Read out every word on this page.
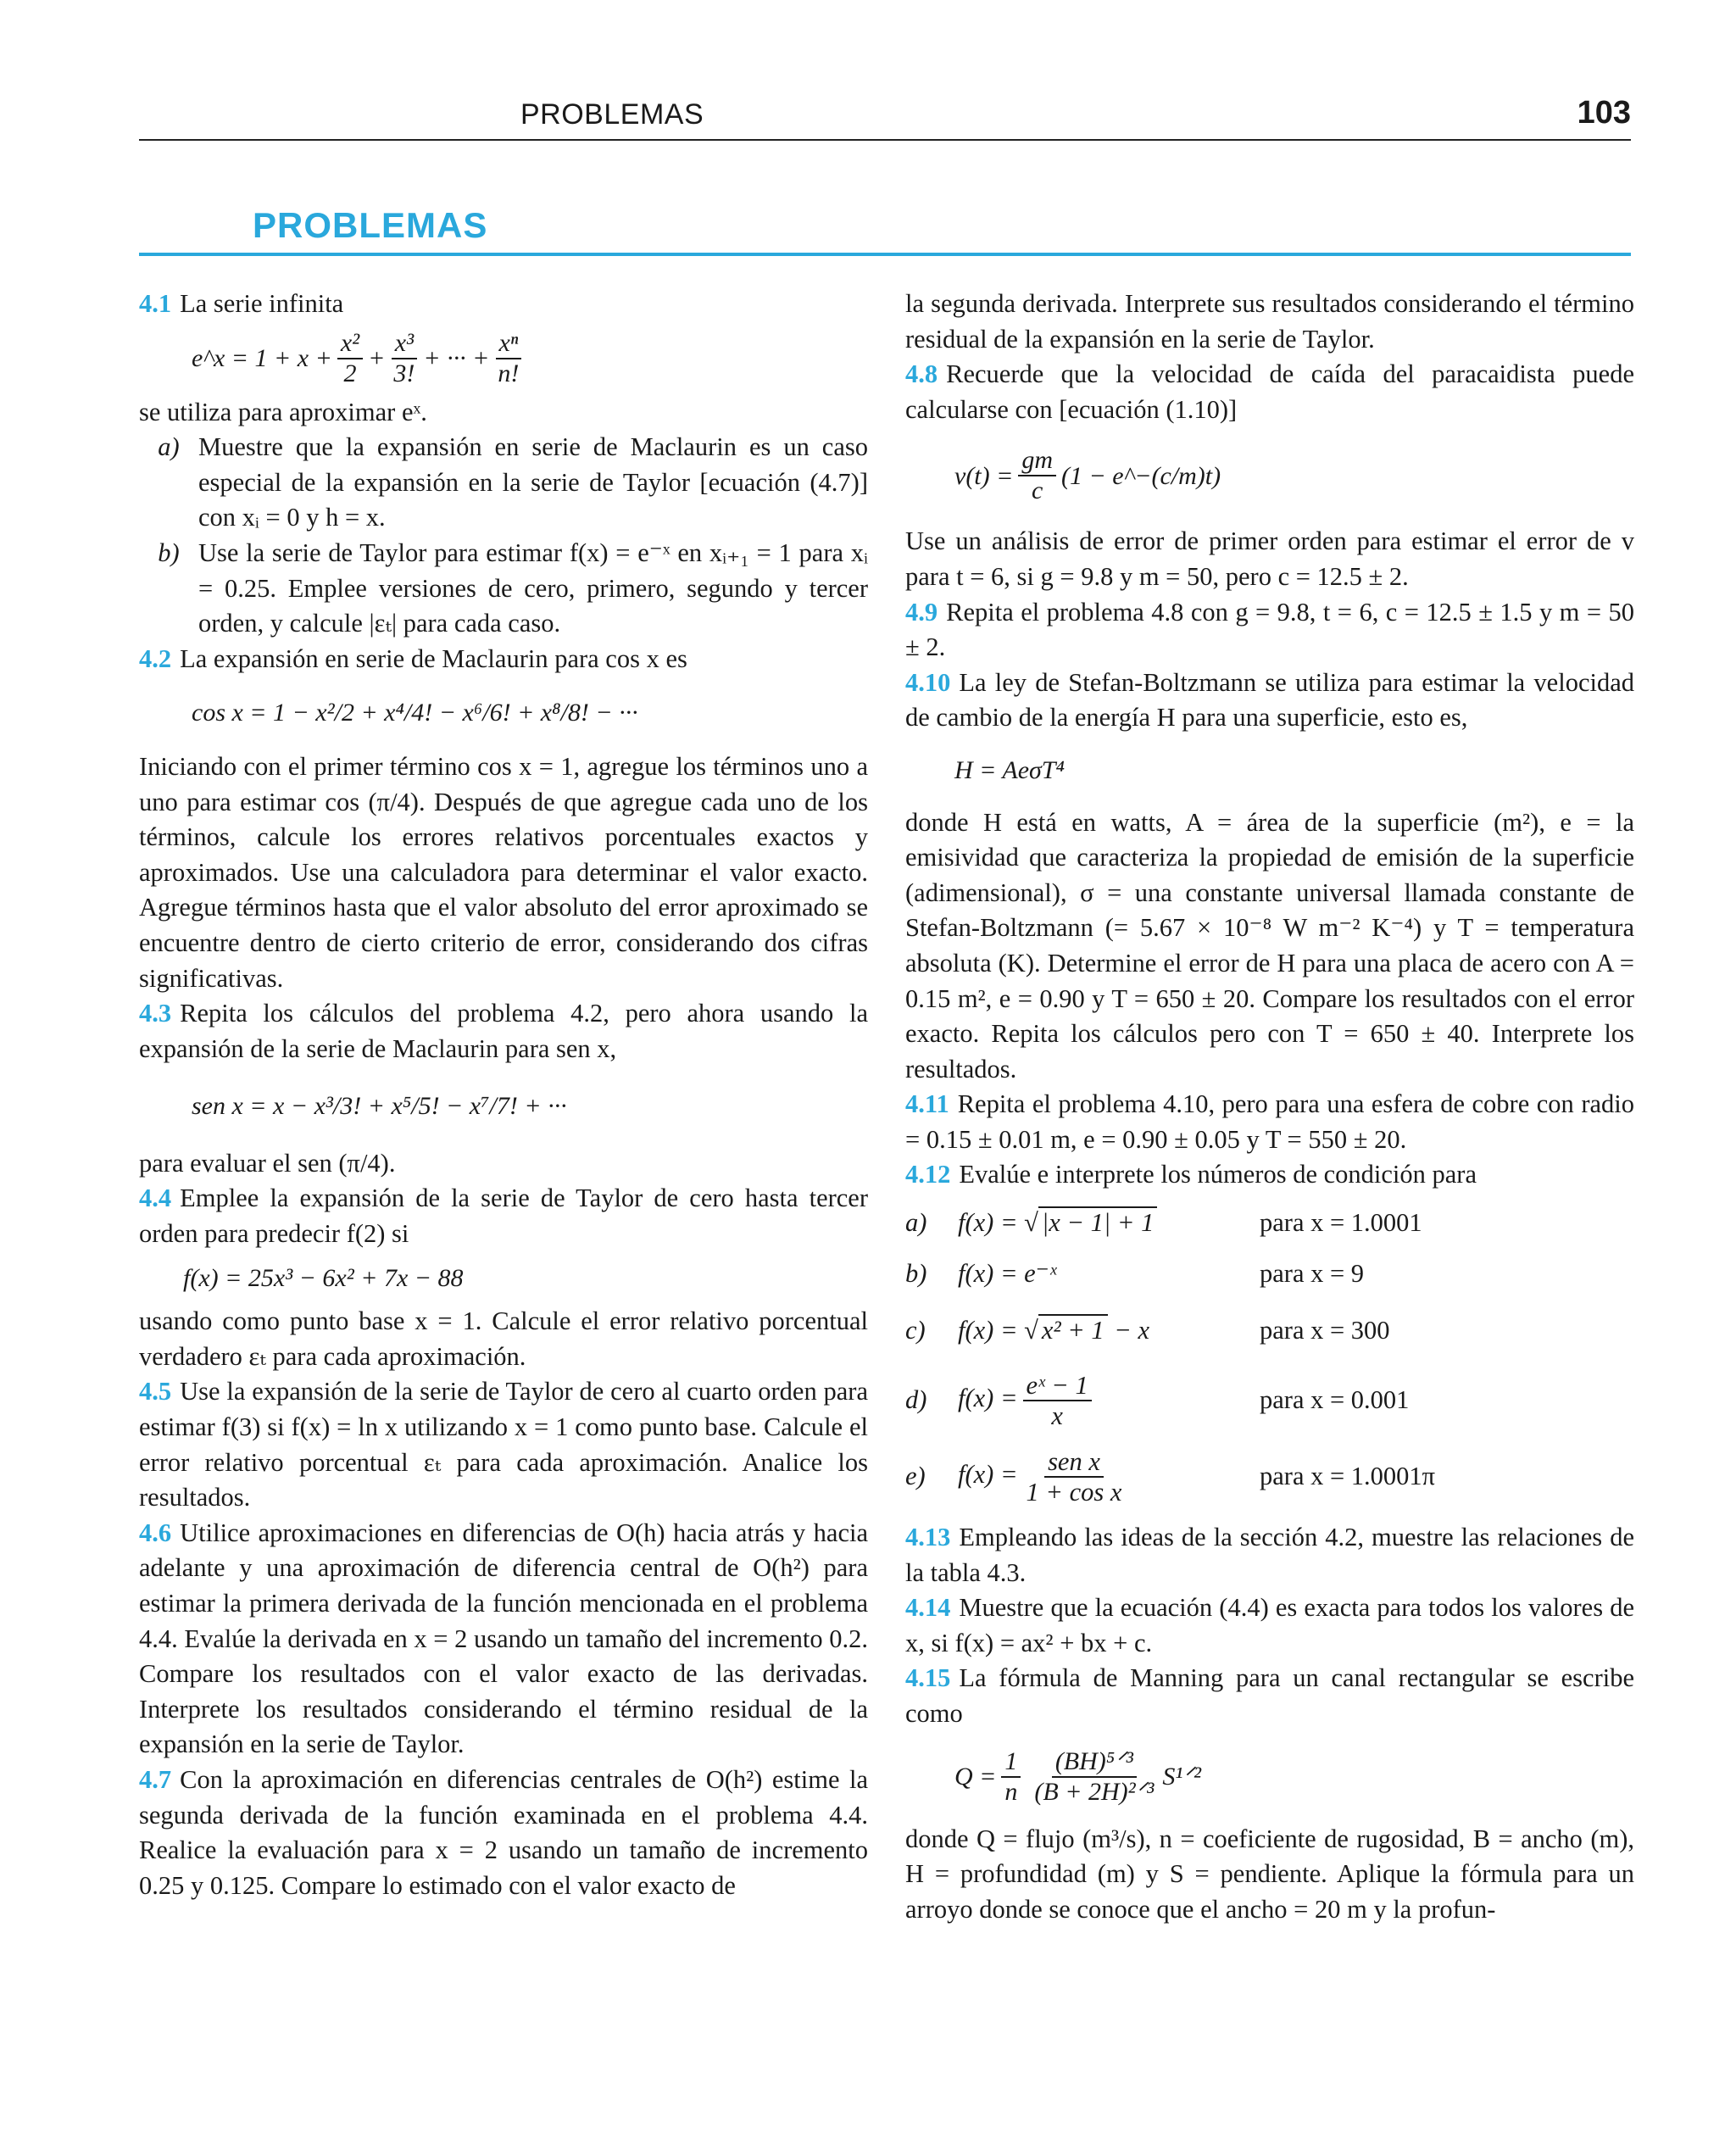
PROBLEMAS	103
PROBLEMAS

4.1 La serie infinita

e^x = $1 + x + \frac{\text{x²}}{2} + \frac{\text{x³}}{3!}$ + ··· + $\frac{\text{xⁿ}}{n!}$

se utiliza para aproximar eˣ.

a) Muestre que la expansión en serie de Maclaurin es un caso especial de la expansión en la serie de Taylor [ecuación (4.7)] con xᵢ = 0 y h = x.
b) Use la serie de Taylor para estimar f(x) = e⁻ˣ en xᵢ₊₁ = 1 para xᵢ = 0.25. Emplee versiones de cero, primero, segundo y tercer orden, y calcule |εₜ| para cada caso.

4.2 La expansión en serie de Maclaurin para cos x es

cos x = 1 − x²/2 + x⁴/4! − x⁶/6! + x⁸/8! − ···

Iniciando con el primer término cos x = 1, agregue los términos uno a uno para estimar cos (π/4). Después de que agregue cada uno de los términos, calcule los errores relativos porcentuales exactos y aproximados. Use una calculadora para determinar el valor exacto. Agregue términos hasta que el valor absoluto del error aproximado se encuentre dentro de cierto criterio de error, considerando dos cifras significativas.

4.3 Repita los cálculos del problema 4.2, pero ahora usando la expansión de la serie de Maclaurin para sen x,

sen x = x − x³/3! + x⁵/5! − x⁷/7! + ···

para evaluar el sen (π/4).

4.4 Emplee la expansión de la serie de Taylor de cero hasta tercer orden para predecir f(2) si

f(x) = 25x³ − 6x² + 7x − 88

usando como punto base x = 1. Calcule el error relativo porcentual verdadero εₜ para cada aproximación.

4.5 Use la expansión de la serie de Taylor de cero al cuarto orden para estimar f(3) si f(x) = ln x utilizando x = 1 como punto base. Calcule el error relativo porcentual εₜ para cada aproximación. Analice los resultados.

4.6 Utilice aproximaciones en diferencias de O(h) hacia atrás y hacia adelante y una aproximación de diferencia central de O(h²) para estimar la primera derivada de la función mencionada en el problema 4.4. Evalúe la derivada en x = 2 usando un tamaño del incremento 0.2. Compare los resultados con el valor exacto de las derivadas. Interprete los resultados considerando el término residual de la expansión en la serie de Taylor.

4.7 Con la aproximación en diferencias centrales de O(h²) estime la segunda derivada de la función examinada en el problema 4.4. Realice la evaluación para x = 2 usando un tamaño de incremento 0.25 y 0.125. Compare lo estimado con el valor exacto de

la segunda derivada. Interprete sus resultados considerando el término residual de la expansión en la serie de Taylor.

4.8 Recuerde que la velocidad de caída del paracaidista puede calcularse con [ecuación (1.10)]

$v(t) = \frac{gm}{c} (1$ − e^−(c/m)t)

Use un análisis de error de primer orden para estimar el error de v para t = 6, si g = 9.8 y m = 50, pero c = 12.5 ± 2.

4.9 Repita el problema 4.8 con g = 9.8, t = 6, c = 12.5 ± 1.5 y m = 50 ± 2.

4.10 La ley de Stefan-Boltzmann se utiliza para estimar la velocidad de cambio de la energía H para una superficie, esto es,

H = AeσT⁴

donde H está en watts, A = área de la superficie (m²), e = la emisividad que caracteriza la propiedad de emisión de la superficie (adimensional), σ = una constante universal llamada constante de Stefan-Boltzmann (= 5.67 × 10⁻⁸ W m⁻² K⁻⁴) y T = temperatura absoluta (K). Determine el error de H para una placa de acero con A = 0.15 m², e = 0.90 y T = 650 ± 20. Compare los resultados con el error exacto. Repita los cálculos pero con T = 650 ± 40. Interprete los resultados.

4.11 Repita el problema 4.10, pero para una esfera de cobre con radio = 0.15 ± 0.01 m, e = 0.90 ± 0.05 y T = 550 ± 20.

4.12 Evalúe e interprete los números de condición para

a)	f(x) = √ |x − 1| + 1	para x = 1.0001
b)	f(x) = e⁻ˣ	para x = 9
c)	f(x) = √ x² + 1 − x	para x = 300
d)	$f(x) = \frac{\text{eˣ − 1}}{x}$	para x = 0.001
e)	$f(x) = \frac{\text{sen x}}{\text{1 + cos x}}$	para x = 1.0001π

4.13 Empleando las ideas de la sección 4.2, muestre las relaciones de la tabla 4.3.

4.14 Muestre que la ecuación (4.4) es exacta para todos los valores de x, si f(x) = ax² + bx + c.

4.15 La fórmula de Manning para un canal rectangular se escribe como

$Q = \frac{1}{n} \frac{\text{(BH)⁵ᐟ³}}{\text{(B + 2H)²ᐟ³}}$ S¹ᐟ²

donde Q = flujo (m³/s), n = coeficiente de rugosidad, B = ancho (m), H = profundidad (m) y S = pendiente. Aplique la fórmula para un arroyo donde se conoce que el ancho = 20 m y la profun-
